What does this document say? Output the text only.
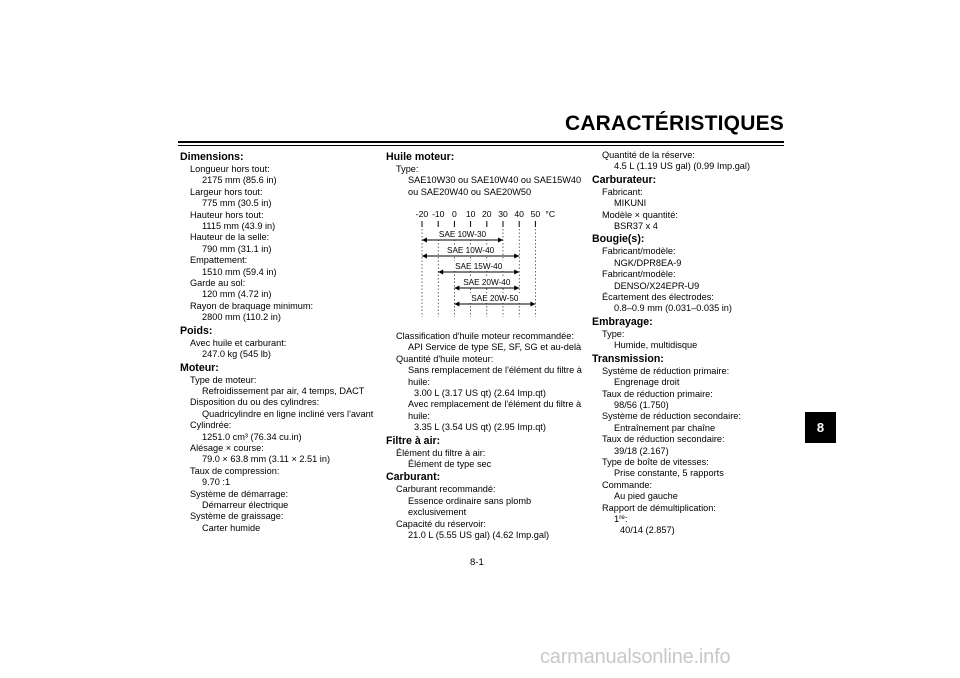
CARACTÉRISTIQUES
8
Dimensions:
Longueur hors tout:
2175 mm (85.6 in)
Largeur hors tout:
775 mm (30.5 in)
Hauteur hors tout:
1115 mm (43.9 in)
Hauteur de la selle:
790 mm (31.1 in)
Empattement:
1510 mm (59.4 in)
Garde au sol:
120 mm (4.72 in)
Rayon de braquage minimum:
2800 mm (110.2 in)
Poids:
Avec huile et carburant:
247.0 kg (545 lb)
Moteur:
Type de moteur:
Refroidissement par air, 4 temps, DACT
Disposition du ou des cylindres:
Quadricylindre en ligne incliné vers l'avant
Cylindrée:
1251.0 cm³ (76.34 cu.in)
Alésage × course:
79.0 × 63.8 mm (3.11 × 2.51 in)
Taux de compression:
9.70 :1
Système de démarrage:
Démarreur électrique
Système de graissage:
Carter humide
Huile moteur:
Type:
SAE10W30 ou SAE10W40 ou SAE15W40
ou SAE20W40 ou SAE20W50
-20 -10 0 10 20 30 40 50 °C
SAE 10W-30
SAE 10W-40
SAE 15W-40
SAE 20W-40
SAE 20W-50
Classification d'huile moteur recommandée:
API Service de type SE, SF, SG et au-delà
Quantité d'huile moteur:
Sans remplacement de l'élément du filtre à
huile:
3.00 L (3.17 US qt) (2.64 Imp.qt)
Avec remplacement de l'élément du filtre à
huile:
3.35 L (3.54 US qt) (2.95 Imp.qt)
Filtre à air:
Élément du filtre à air:
Élément de type sec
Carburant:
Carburant recommandé:
Essence ordinaire sans plomb
exclusivement
Capacité du réservoir:
21.0 L (5.55 US gal) (4.62 Imp.gal)
Quantité de la réserve:
4.5 L (1.19 US gal) (0.99 Imp.gal)
Carburateur:
Fabricant:
MIKUNI
Modèle × quantité:
BSR37 x 4
Bougie(s):
Fabricant/modèle:
NGK/DPR8EA-9
Fabricant/modèle:
DENSO/X24EPR-U9
Écartement des électrodes:
0.8–0.9 mm (0.031–0.035 in)
Embrayage:
Type:
Humide, multidisque
Transmission:
Système de réduction primaire:
Engrenage droit
Taux de réduction primaire:
98/56 (1.750)
Système de réduction secondaire:
Entraînement par chaîne
Taux de réduction secondaire:
39/18 (2.167)
Type de boîte de vitesses:
Prise constante, 5 rapports
Commande:
Au pied gauche
Rapport de démultiplication:
1re:
40/14 (2.857)
8-1
carmanualsonline.info
